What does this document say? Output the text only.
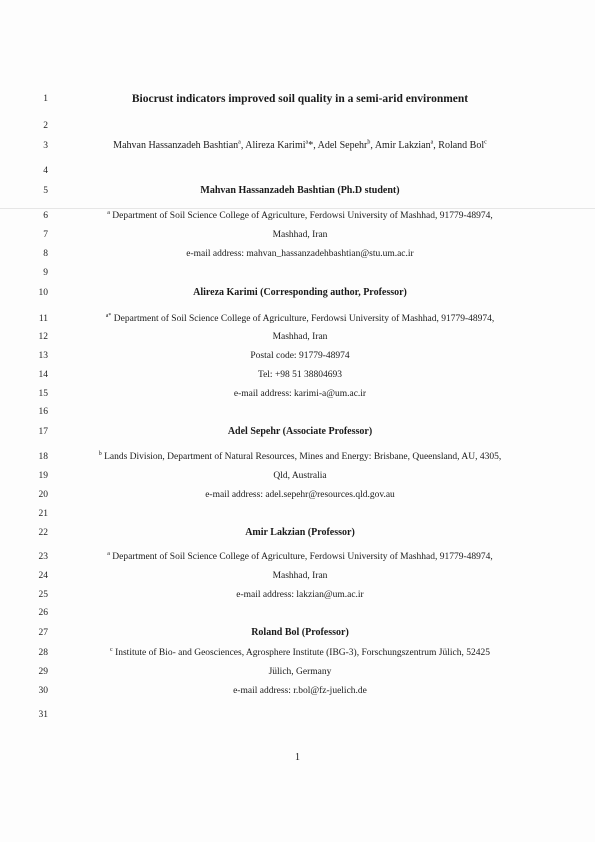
1
2
3
4
5
6
7
8
9
10
11
12
13
14
15
16
17
18
19
20
21
22
23
24
25
26
27
28
29
30
31
Biocrust indicators improved soil quality in a semi-arid environment
Mahvan Hassanzadeh Bashtian$^a$, Alireza Karimi$^a$*, Adel Sepehr$^b$, Amir Lakzian$^a$, Roland Bol$^c$
Mahvan Hassanzadeh Bashtian (Ph.D student)
$^a$ Department of Soil Science College of Agriculture, Ferdowsi University of Mashhad, 91779-48974,
Mashhad, Iran
e-mail address: mahvan_hassanzadehbashtian@stu.um.ac.ir
Alireza Karimi (Corresponding author, Professor)
$^{a*}$ Department of Soil Science College of Agriculture, Ferdowsi University of Mashhad, 91779-48974,
Mashhad, Iran
Postal code: 91779-48974
Tel: +98 51 38804693
e-mail address: karimi-a@um.ac.ir
Adel Sepehr (Associate Professor)
$^b$ Lands Division, Department of Natural Resources, Mines and Energy: Brisbane, Queensland, AU, 4305,
Qld, Australia
e-mail address: adel.sepehr@resources.qld.gov.au
Amir Lakzian (Professor)
$^a$ Department of Soil Science College of Agriculture, Ferdowsi University of Mashhad, 91779-48974,
Mashhad, Iran
e-mail address: lakzian@um.ac.ir
Roland Bol (Professor)
$^c$ Institute of Bio- and Geosciences, Agrosphere Institute (IBG-3), Forschungszentrum Jülich, 52425
Jülich, Germany
e-mail address: r.bol@fz-juelich.de
1
